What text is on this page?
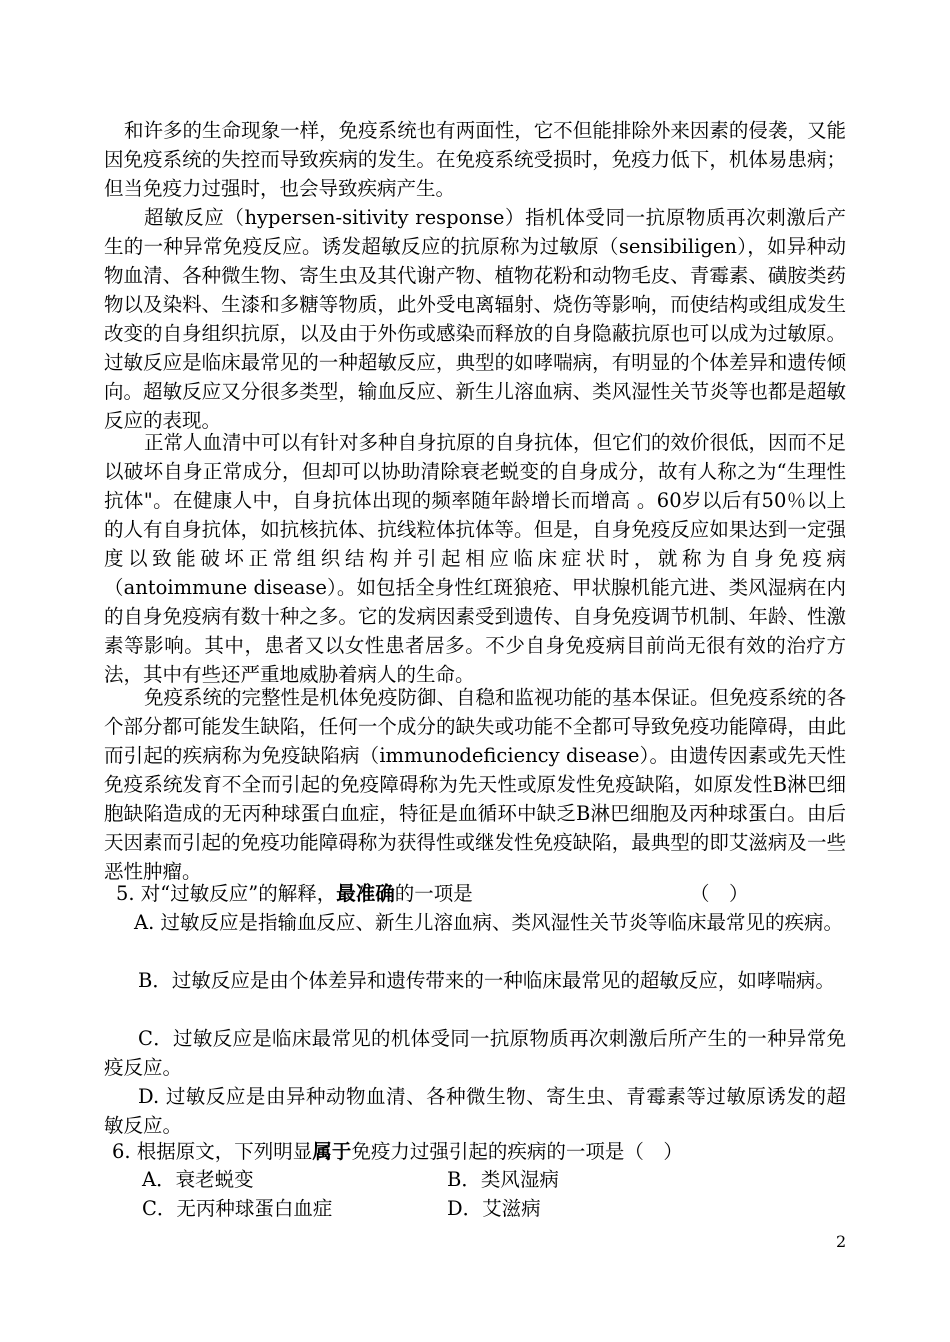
和许多的生命现象一样，免疫系统也有两面性，它不但能排除外来因素的侵袭，又能因免疫系统的失控而导致疾病的发生。在免疫系统受损时，免疫力低下，机体易患病；但当免疫力过强时，也会导致疾病产生。

超敏反应（hypersen-sitivity response）指机体受同一抗原物质再次刺激后产生的一种异常免疫反应。诱发超敏反应的抗原称为过敏原（sensibiligen），如异种动物血清、各种微生物、寄生虫及其代谢产物、植物花粉和动物毛皮、青霉素、磺胺类药物以及染料、生漆和多糖等物质，此外受电离辐射、烧伤等影响，而使结构或组成发生改变的自身组织抗原，以及由于外伤或感染而释放的自身隐蔽抗原也可以成为过敏原。过敏反应是临床最常见的一种超敏反应，典型的如哮喘病，有明显的个体差异和遗传倾向。超敏反应又分很多类型，输血反应、新生儿溶血病、类风湿性关节炎等也都是超敏反应的表现。

正常人血清中可以有针对多种自身抗原的自身抗体，但它们的效价很低，因而不足以破坏自身正常成分，但却可以协助清除衰老蜕变的自身成分，故有人称之为“生理性抗体"。在健康人中，自身抗体出现的频率随年龄增长而增高 。60岁以后有50％以上的人有自身抗体，如抗核抗体、抗线粒体抗体等。但是，自身免疫反应如果达到一定强度以致能破坏正常组织结构并引起相应临床症状时，就称为自身免疫病（antoimmune disease）。如包括全身性红斑狼疮、甲状腺机能亢进、类风湿病在内的自身免疫病有数十种之多。它的发病因素受到遗传、自身免疫调节机制、年龄、性激素等影响。其中，患者又以女性患者居多。不少自身免疫病目前尚无很有效的治疗方法，其中有些还严重地威胁着病人的生命。

免疫系统的完整性是机体免疫防御、自稳和监视功能的基本保证。但免疫系统的各个部分都可能发生缺陷，任何一个成分的缺失或功能不全都可导致免疫功能障碍，由此而引起的疾病称为免疫缺陷病（immunodeficiency disease）。由遗传因素或先天性免疫系统发育不全而引起的免疫障碍称为先天性或原发性免疫缺陷，如原发性B淋巴细胞缺陷造成的无丙种球蛋白血症，特征是血循环中缺乏B淋巴细胞及丙种球蛋白。由后天因素而引起的免疫功能障碍称为获得性或继发性免疫缺陷，最典型的即艾滋病及一些恶性肿瘤。

5. 对“过敏反应”的解释，最准确的一项是	（　）

A. 过敏反应是指输血反应、新生儿溶血病、类风湿性关节炎等临床最常见的疾病。

B．过敏反应是由个体差异和遗传带来的一种临床最常见的超敏反应，如哮喘病。

C．过敏反应是临床最常见的机体受同一抗原物质再次刺激后所产生的一种异常免疫反应。

D. 过敏反应是由异种动物血清、各种微生物、寄生虫、青霉素等过敏原诱发的超敏反应。

6. 根据原文，下列明显属于免疫力过强引起的疾病的一项是（　）
A．衰老蜕变	B．类风湿病
C．无丙种球蛋白血症	D．艾滋病
2
